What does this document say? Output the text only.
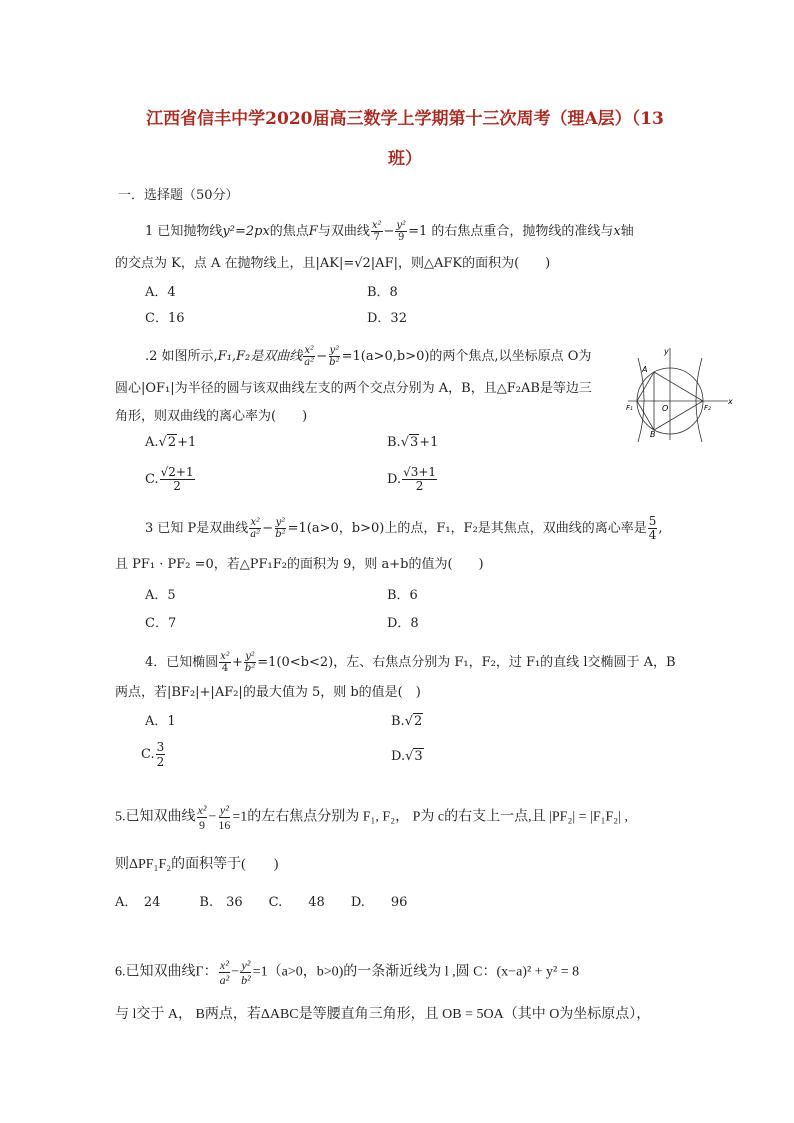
江西省信丰中学2020届高三数学上学期第十三次周考（理A层）（13
班）
一．选择题（50分）
1 已知抛物线y²=2px的焦点F与双曲线 $\frac{\text{x²}}{7} - \frac{\text{y²}}{9} =1$ 的右焦点重合，抛物线的准线与x轴
的交点为 K，点 A 在抛物线上，且|AK|=√2|AF|，则△AFK的面积为(　　)
A．4	B．8
C．16	D．32
.2 如图所示,F₁,F₂是双曲线 $\frac{\text{x²}}{\text{a²}} - \frac{\text{y²}}{\text{b²}} =1(a>0,b>0)$的两个焦点,以坐标原点 O为
圆心|OF₁|为半径的圆与该双曲线左支的两个交点分别为 A，B，且△F₂AB是等边三
角形，则双曲线的离心率为(　　)
A.√2+1	B.√3+1
C. $\frac{√2+1}{2}$	D. $\frac{√3+1}{2}$
y
x
A
B
O
F₁	F₂
3 已知 P是双曲线 $\frac{\text{x²}}{\text{a²}} - \frac{\text{y²}}{\text{b²}} =1(a>0$，b>0)上的点，F₁，F₂是其焦点，双曲线的离心率是 $\frac{5}{4}$ ,
且 PF₁ · PF₂ =0，若△PF₁F₂的面积为 9，则 a+b的值为(　　)
A．5	B．6
C．7	D．8
4．已知椭圆 $\frac{\text{x²}}{4} + \frac{\text{y²}}{\text{b²}} =1(0<b<2)$，左、右焦点分别为 F₁，F₂，过 F₁的直线 l交椭圆于 A，B
两点，若|BF₂|+|AF₂|的最大值为 5，则 b的值是(　)
A．1	B.√2
C. $\frac{3}{2}$	D.√3
5.已知双曲线 $\frac{\text{x²}}{9} - \frac{\text{y²}}{16} =1$的左右焦点分别为 F₁, F₂， P为 c的右支上一点,且 |PF₂| = |F₁F₂| ,
则ΔPF₁F₂的面积等于(　　)
A．　24　　　B.　36　　C.　　48　　D.　　96
6.已知双曲线Γ： $\frac{\text{x²}}{\text{a²}} - \frac{\text{y²}}{\text{b²}} =1(a>0$，b>0)的一条渐近线为 l ,圆 C：(x−a)² + y² = 8
与 l交于 A， B两点，若ΔABC是等腰直角三角形，且 OB = 5OA（其中 O为坐标原点），
